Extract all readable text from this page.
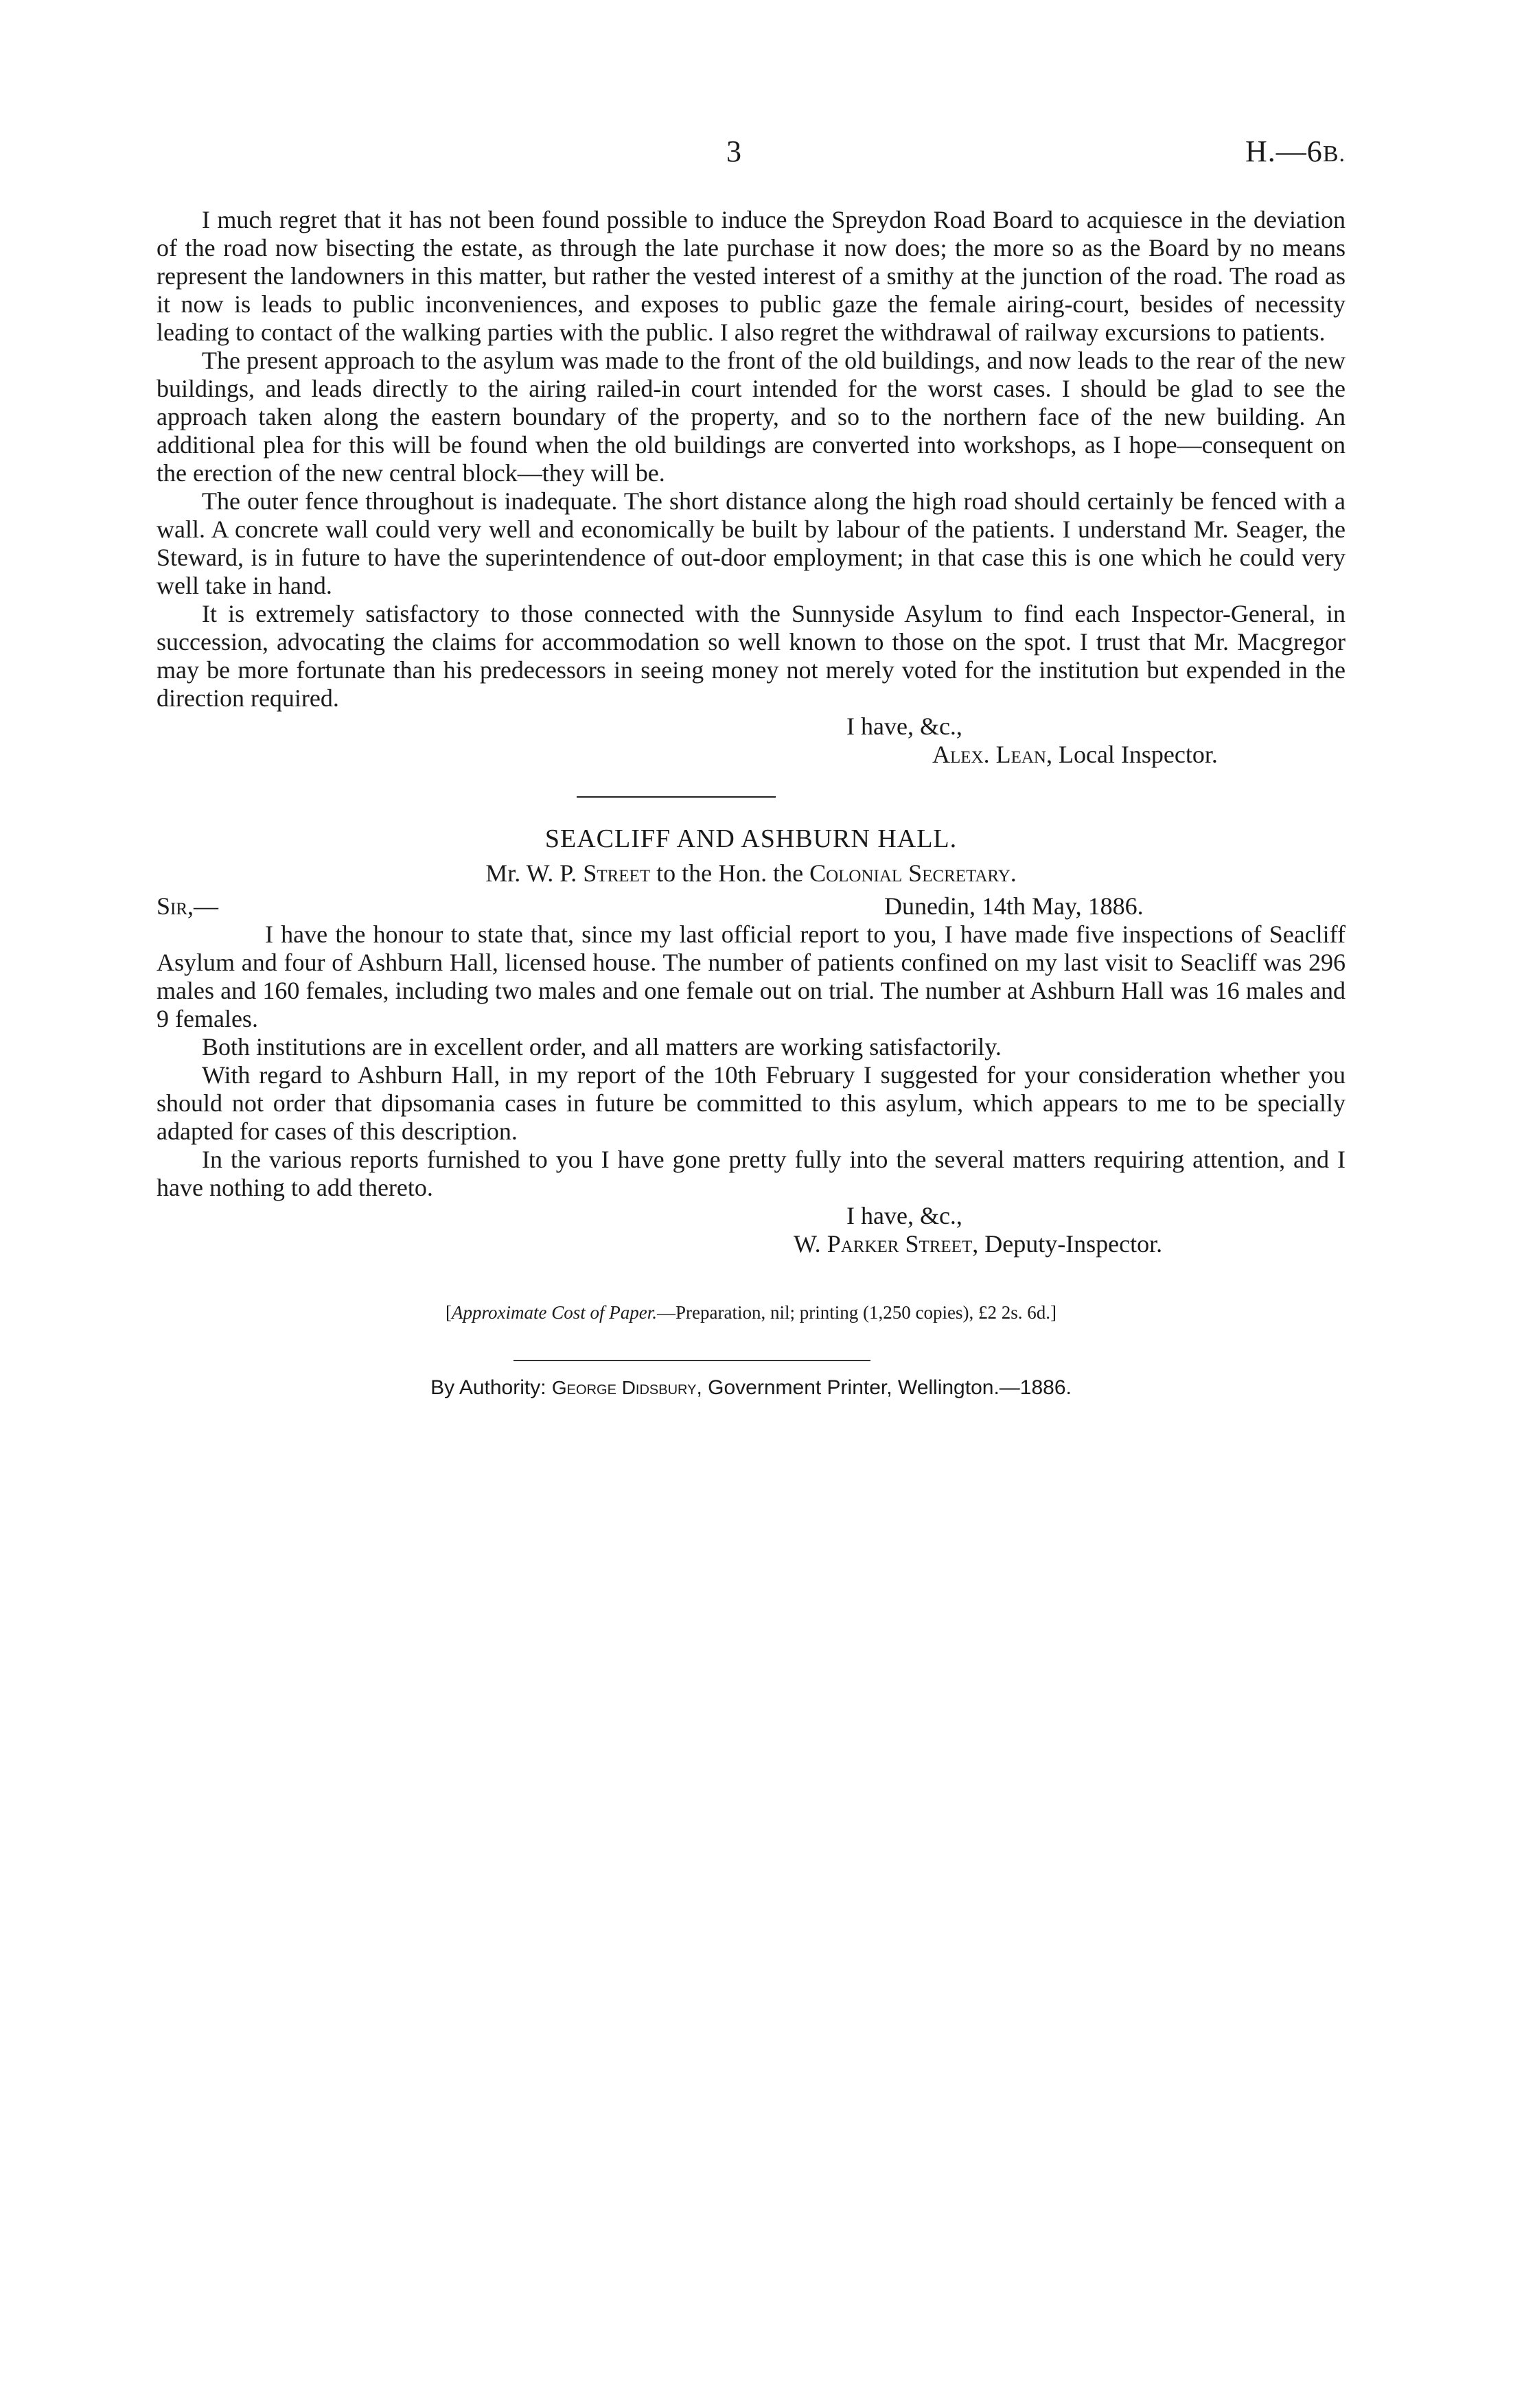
3	H.—6B.

I much regret that it has not been found possible to induce the Spreydon Road Board to acquiesce in the deviation of the road now bisecting the estate, as through the late purchase it now does; the more so as the Board by no means represent the landowners in this matter, but rather the vested interest of a smithy at the junction of the road. The road as it now is leads to public inconveniences, and exposes to public gaze the female airing-court, besides of necessity leading to contact of the walking parties with the public. I also regret the withdrawal of railway excursions to patients.

The present approach to the asylum was made to the front of the old buildings, and now leads to the rear of the new buildings, and leads directly to the airing railed-in court intended for the worst cases. I should be glad to see the approach taken along the eastern boundary of the property, and so to the northern face of the new building. An additional plea for this will be found when the old buildings are converted into workshops, as I hope—consequent on the erection of the new central block—they will be.

The outer fence throughout is inadequate. The short distance along the high road should certainly be fenced with a wall. A concrete wall could very well and economically be built by labour of the patients. I understand Mr. Seager, the Steward, is in future to have the superintendence of out-door employment; in that case this is one which he could very well take in hand.

It is extremely satisfactory to those connected with the Sunnyside Asylum to find each Inspector-General, in succession, advocating the claims for accommodation so well known to those on the spot. I trust that Mr. Macgregor may be more fortunate than his predecessors in seeing money not merely voted for the institution but expended in the direction required.

I have, &c.,

Alex. Lean, Local Inspector.

SEACLIFF AND ASHBURN HALL.

Mr. W. P. Street to the Hon. the Colonial Secretary.

Sir,—	Dunedin, 14th May, 1886.

I have the honour to state that, since my last official report to you, I have made five inspections of Seacliff Asylum and four of Ashburn Hall, licensed house. The number of patients confined on my last visit to Seacliff was 296 males and 160 females, including two males and one female out on trial. The number at Ashburn Hall was 16 males and 9 females.

Both institutions are in excellent order, and all matters are working satisfactorily.

With regard to Ashburn Hall, in my report of the 10th February I suggested for your consideration whether you should not order that dipsomania cases in future be committed to this asylum, which appears to me to be specially adapted for cases of this description.

In the various reports furnished to you I have gone pretty fully into the several matters requiring attention, and I have nothing to add thereto.

I have, &c.,

W. Parker Street, Deputy-Inspector.

[Approximate Cost of Paper.—Preparation, nil; printing (1,250 copies), £2 2s. 6d.]

By Authority: George Didsbury, Government Printer, Wellington.—1886.
